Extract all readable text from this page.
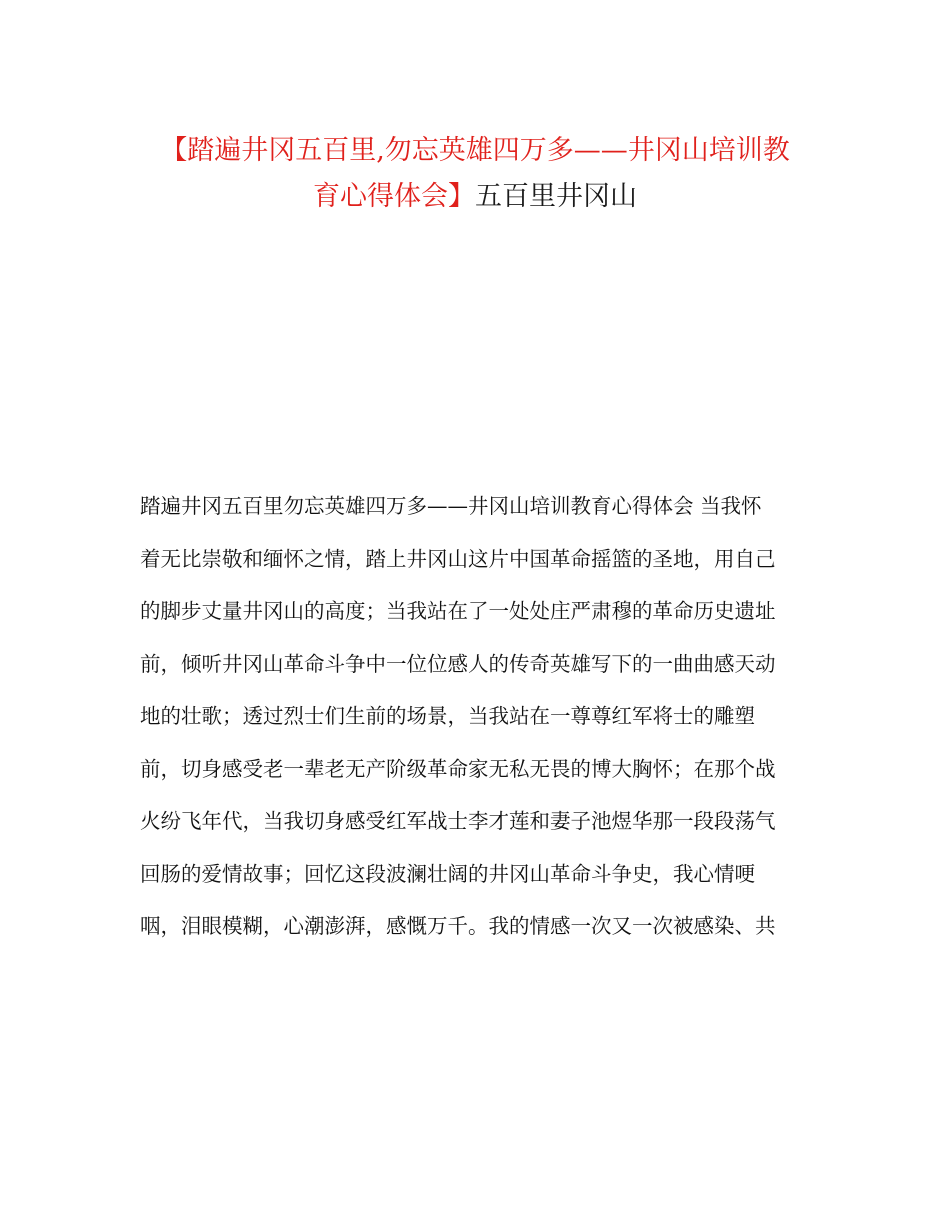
【踏遍井冈五百里,勿忘英雄四万多——井冈山培训教
育心得体会】五百里井冈山
踏遍井冈五百里勿忘英雄四万多——井冈山培训教育心得体会 当我怀
着无比崇敬和缅怀之情，踏上井冈山这片中国革命摇篮的圣地，用自己
的脚步丈量井冈山的高度；当我站在了一处处庄严肃穆的革命历史遗址
前，倾听井冈山革命斗争中一位位感人的传奇英雄写下的一曲曲感天动
地的壮歌；透过烈士们生前的场景，当我站在一尊尊红军将士的雕塑
前，切身感受老一辈老无产阶级革命家无私无畏的博大胸怀；在那个战
火纷飞年代，当我切身感受红军战士李才莲和妻子池煜华那一段段荡气
回肠的爱情故事；回忆这段波澜壮阔的井冈山革命斗争史，我心情哽
咽，泪眼模糊，心潮澎湃，感慨万千。我的情感一次又一次被感染、共
